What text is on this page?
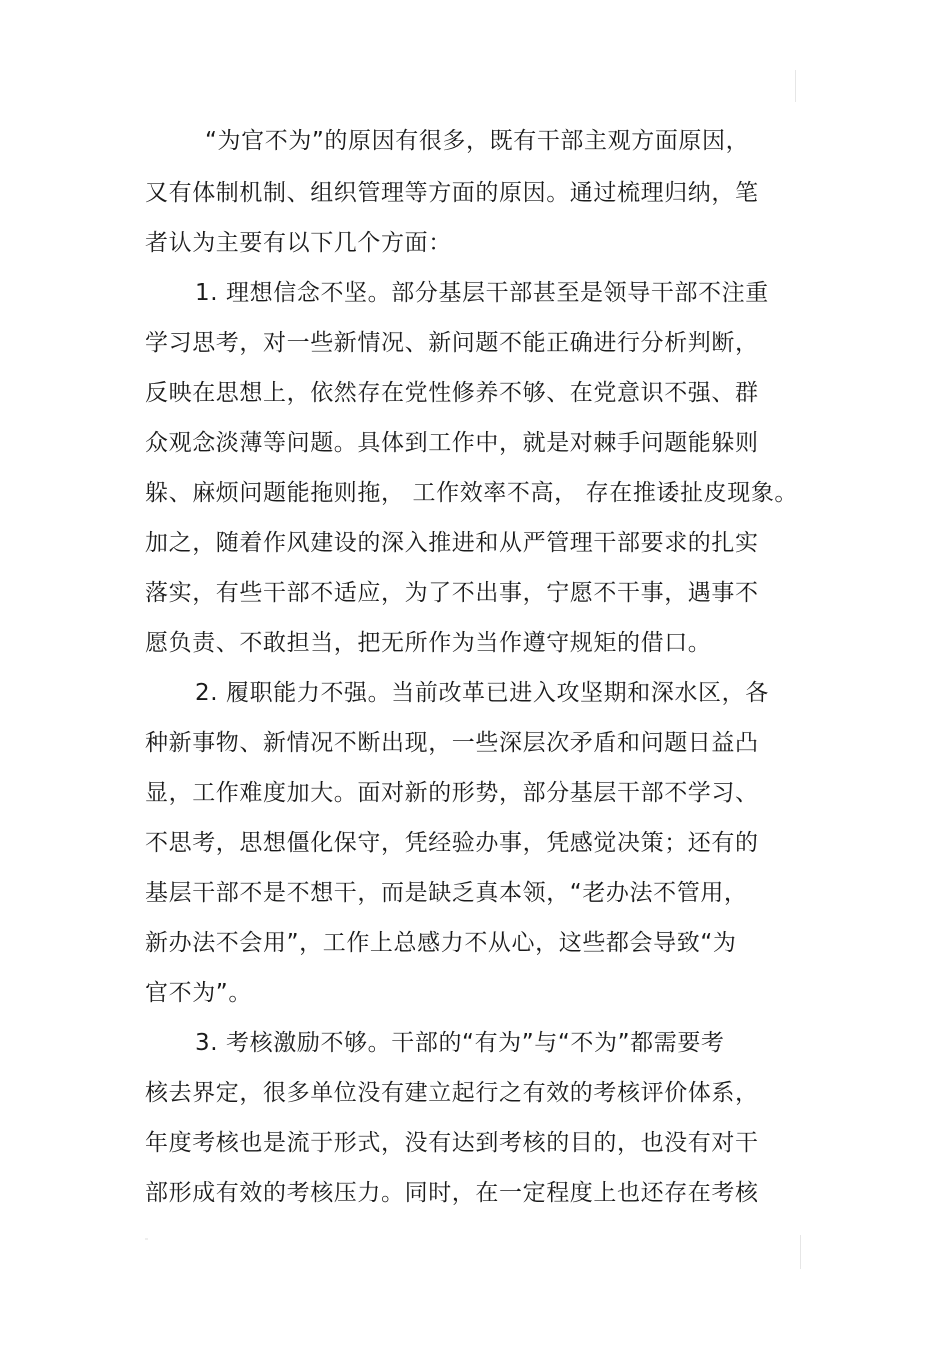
“为官不为”的原因有很多，既有干部主观方面原因，
又有体制机制、组织管理等方面的原因。通过梳理归纳，笔
者认为主要有以下几个方面：
1. 理想信念不坚。部分基层干部甚至是领导干部不注重
学习思考，对一些新情况、新问题不能正确进行分析判断，
反映在思想上，依然存在党性修养不够、在党意识不强、群
众观念淡薄等问题。具体到工作中，就是对棘手问题能躲则
躲、麻烦问题能拖则拖， 工作效率不高， 存在推诿扯皮现象。
加之，随着作风建设的深入推进和从严管理干部要求的扎实
落实，有些干部不适应，为了不出事，宁愿不干事，遇事不
愿负责、不敢担当，把无所作为当作遵守规矩的借口。
2. 履职能力不强。当前改革已进入攻坚期和深水区，各
种新事物、新情况不断出现，一些深层次矛盾和问题日益凸
显，工作难度加大。面对新的形势，部分基层干部不学习、
不思考，思想僵化保守，凭经验办事，凭感觉决策；还有的
基层干部不是不想干，而是缺乏真本领，“老办法不管用，
新办法不会用”，工作上总感力不从心，这些都会导致“为
官不为”。
3. 考核激励不够。干部的“有为”与“不为”都需要考
核去界定，很多单位没有建立起行之有效的考核评价体系，
年度考核也是流于形式，没有达到考核的目的，也没有对干
部形成有效的考核压力。同时，在一定程度上也还存在考核
